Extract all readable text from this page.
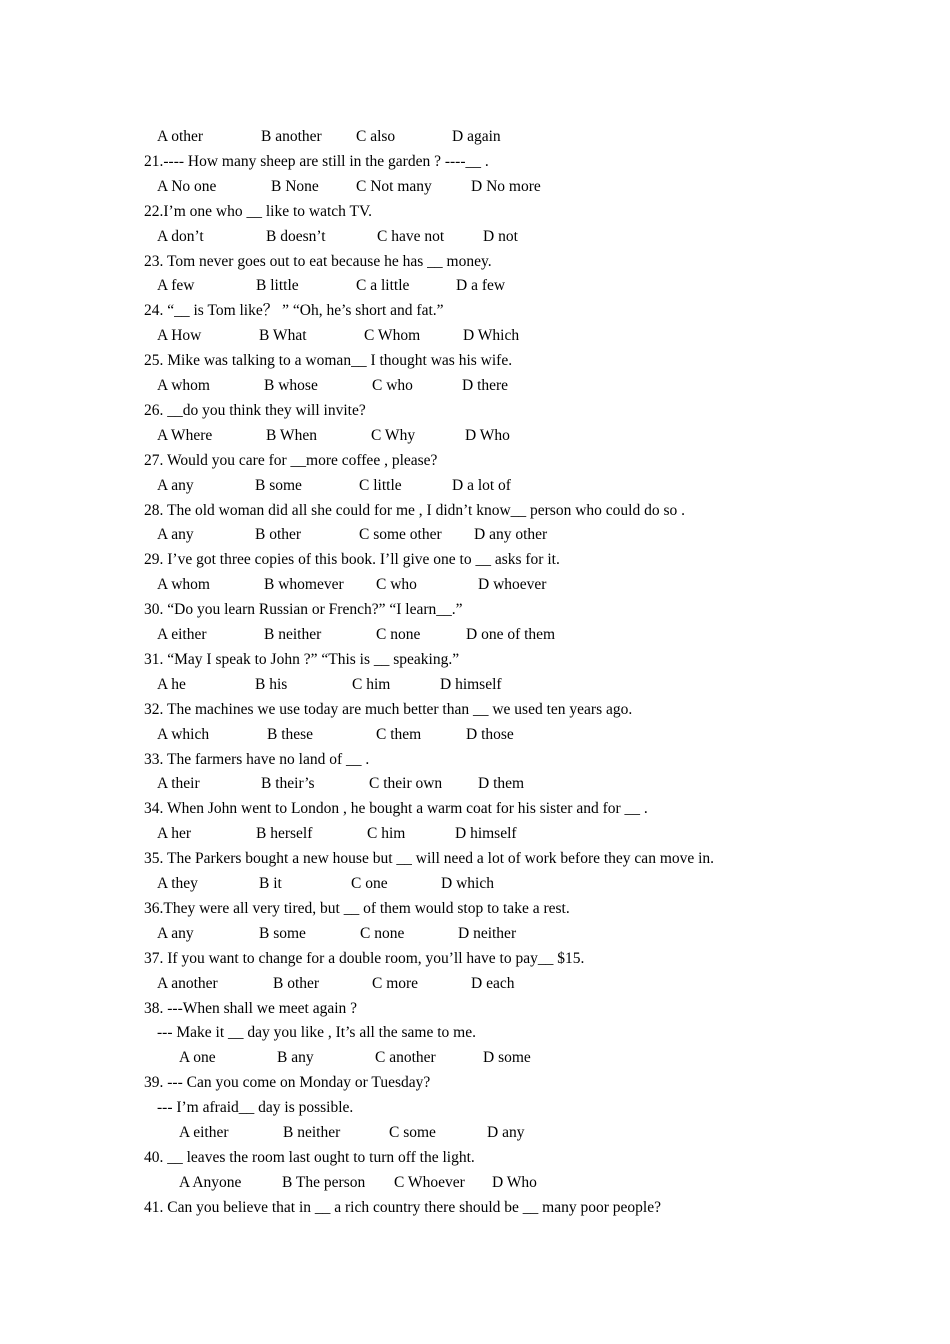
A other	B another C also	D again
21.---- How many sheep are still in the garden ? ----__ .
A No one	B None C Not many	D No more
22.I’m one who __ like to watch TV.
A don’t	B doesn’t	C have not	D not
23. Tom never goes out to eat because he has __ money.
A few	B little	C a little	D a few
24. “__ is Tom like？ ” “Oh, he’s short and fat.”
A How	B What	C Whom	D Which
25. Mike was talking to a woman__ I thought was his wife.
A whom	B whose	C who	D there
26. __do you think they will invite?
A Where	B When	C Why	D Who
27. Would you care for __more coffee , please?
A any	B some	C little	D a lot of
28. The old woman did all she could for me , I didn’t know__ person who could do so .
A any	B other	C some other D any other
29. I’ve got three copies of this book. I’ll give one to __ asks for it.
A whom	B whomever C who	D whoever
30. “Do you learn Russian or French?” “I learn__.”
A either	B neither	C none	D one of them
31. “May I speak to John ?” “This is __ speaking.”
A he	B his	C him	D himself
32. The machines we use today are much better than __ we used ten years ago.
A which	B these	C them	D those
33. The farmers have no land of __ .
A their	B their’s	C their own D them
34. When John went to London , he bought a warm coat for his sister and for __ .
A her	B herself	C him	D himself
35. The Parkers bought a new house but __ will need a lot of work before they can move in.
A they	B it	C one	D which
36.They were all very tired, but __ of them would stop to take a rest.
A any	B some	C none	D neither
37. If you want to change for a double room, you’ll have to pay__ $15.
A another	B other	C more	D each
38. ---When shall we meet again ?
--- Make it __ day you like , It’s all the same to me.
A one	B any	C another	D some
39. --- Can you come on Monday or Tuesday?
--- I’m afraid__ day is possible.
A either	B neither	C some	D any
40. __ leaves the room last ought to turn off the light.
A Anyone	B The person C Whoever D Who
41. Can you believe that in __ a rich country there should be __ many poor people?
